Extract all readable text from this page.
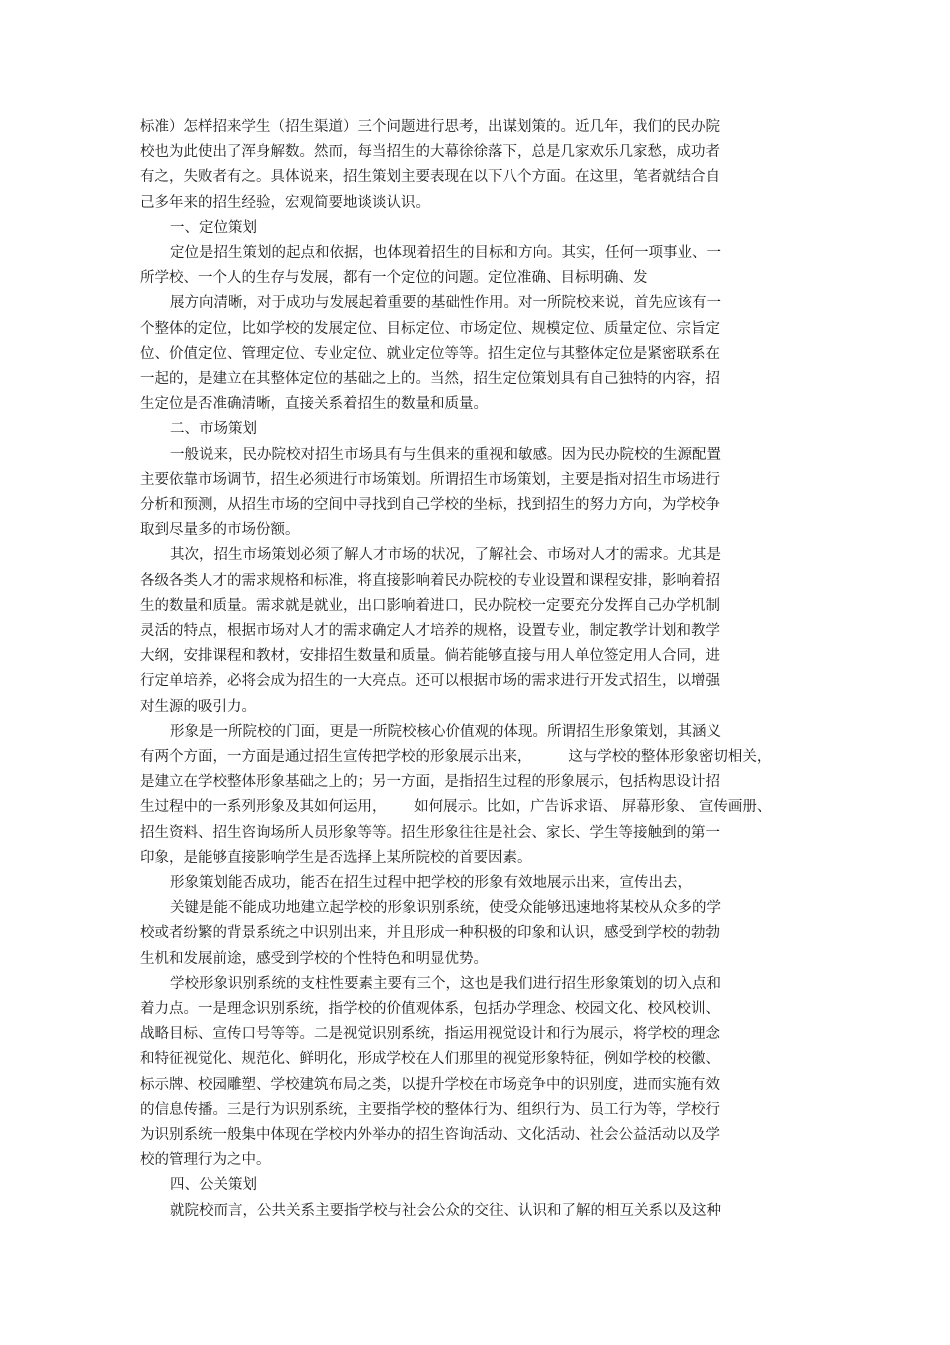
标准）怎样招来学生（招生渠道）三个问题进行思考，出谋划策的。近几年，我们的民办院
校也为此使出了浑身解数。然而，每当招生的大幕徐徐落下，总是几家欢乐几家愁，成功者
有之，失败者有之。具体说来，招生策划主要表现在以下八个方面。在这里，笔者就结合自
己多年来的招生经验，宏观简要地谈谈认识。
一、定位策划
定位是招生策划的起点和依据，也体现着招生的目标和方向。其实，任何一项事业、一
所学校、一个人的生存与发展，都有一个定位的问题。定位准确、目标明确、发
展方向清晰，对于成功与发展起着重要的基础性作用。对一所院校来说，首先应该有一
个整体的定位，比如学校的发展定位、目标定位、市场定位、规模定位、质量定位、宗旨定
位、价值定位、管理定位、专业定位、就业定位等等。招生定位与其整体定位是紧密联系在
一起的，是建立在其整体定位的基础之上的。当然，招生定位策划具有自己独特的内容，招
生定位是否准确清晰，直接关系着招生的数量和质量。
二、市场策划
一般说来，民办院校对招生市场具有与生俱来的重视和敏感。因为民办院校的生源配置
主要依靠市场调节，招生必须进行市场策划。所谓招生市场策划，主要是指对招生市场进行
分析和预测，从招生市场的空间中寻找到自己学校的坐标，找到招生的努力方向，为学校争
取到尽量多的市场份额。
其次，招生市场策划必须了解人才市场的状况，了解社会、市场对人才的需求。尤其是
各级各类人才的需求规格和标准，将直接影响着民办院校的专业设置和课程安排，影响着招
生的数量和质量。需求就是就业，出口影响着进口，民办院校一定要充分发挥自己办学机制
灵活的特点，根据市场对人才的需求确定人才培养的规格，设置专业，制定教学计划和教学
大纲，安排课程和教材，安排招生数量和质量。倘若能够直接与用人单位签定用人合同，进
行定单培养，必将会成为招生的一大亮点。还可以根据市场的需求进行开发式招生，以增强
对生源的吸引力。
形象是一所院校的门面，更是一所院校核心价值观的体现。所谓招生形象策划，其涵义
有两个方面，一方面是通过招生宣传把学校的形象展示出来，        这与学校的整体形象密切相关，
是建立在学校整体形象基础之上的；另一方面，是指招生过程的形象展示，包括构思设计招
生过程中的一系列形象及其如何运用，      如何展示。比如，广告诉求语、 屏幕形象、 宣传画册、
招生资料、招生咨询场所人员形象等等。招生形象往往是社会、家长、学生等接触到的第一
印象，是能够直接影响学生是否选择上某所院校的首要因素。
形象策划能否成功，能否在招生过程中把学校的形象有效地展示出来，宣传出去，
关键是能不能成功地建立起学校的形象识别系统，使受众能够迅速地将某校从众多的学
校或者纷繁的背景系统之中识别出来，并且形成一种积极的印象和认识，感受到学校的勃勃
生机和发展前途，感受到学校的个性特色和明显优势。
学校形象识别系统的支柱性要素主要有三个，这也是我们进行招生形象策划的切入点和
着力点。一是理念识别系统，指学校的价值观体系，包括办学理念、校园文化、校风校训、
战略目标、宣传口号等等。二是视觉识别系统，指运用视觉设计和行为展示，将学校的理念
和特征视觉化、规范化、鲜明化，形成学校在人们那里的视觉形象特征，例如学校的校徽、
标示牌、校园雕塑、学校建筑布局之类，以提升学校在市场竞争中的识别度，进而实施有效
的信息传播。三是行为识别系统，主要指学校的整体行为、组织行为、员工行为等，学校行
为识别系统一般集中体现在学校内外举办的招生咨询活动、文化活动、社会公益活动以及学
校的管理行为之中。
四、公关策划
就院校而言，公共关系主要指学校与社会公众的交往、认识和了解的相互关系以及这种
